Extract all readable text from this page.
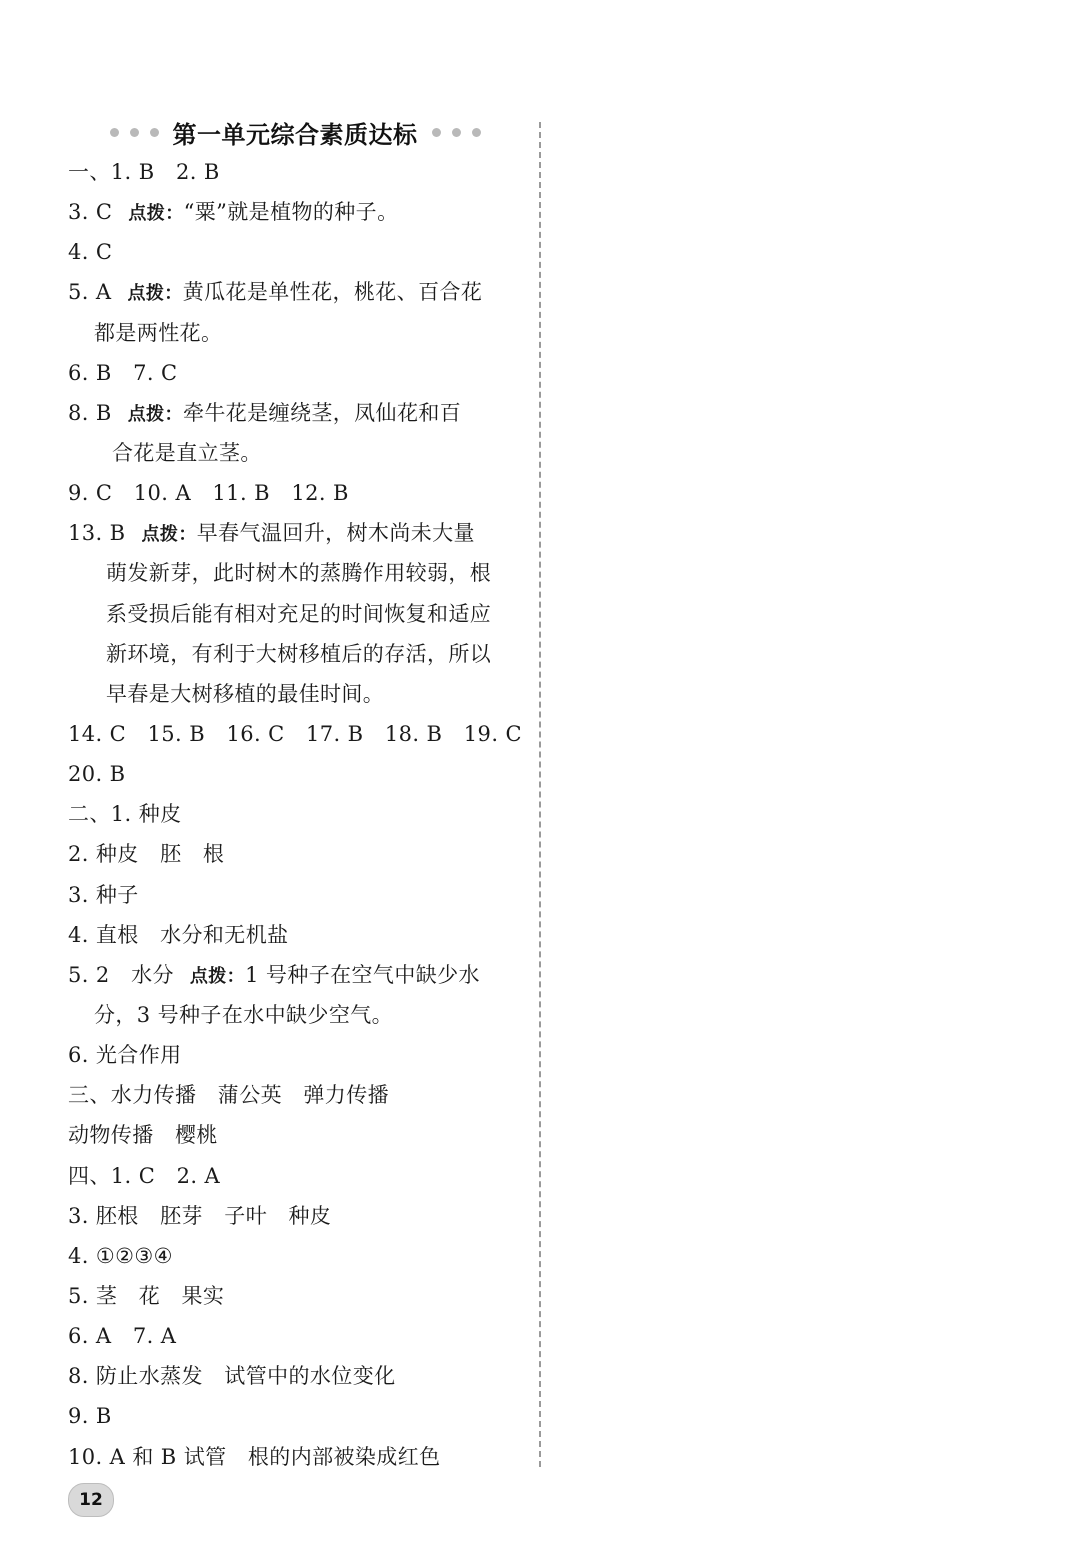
第一单元综合素质达标
一、1. B　2. B
3. C 点拨：“粟”就是植物的种子。
4. C
5. A 点拨：黄瓜花是单性花，桃花、百合花
都是两性花。
6. B　7. C
8. B 点拨：牵牛花是缠绕茎，凤仙花和百
合花是直立茎。
9. C　10. A　11. B　12. B
13. B 点拨：早春气温回升，树木尚未大量
萌发新芽，此时树木的蒸腾作用较弱，根
系受损后能有相对充足的时间恢复和适应
新环境，有利于大树移植后的存活，所以
早春是大树移植的最佳时间。
14. C　15. B　16. C　17. B　18. B　19. C
20. B
二、1. 种皮
2. 种皮　胚　根
3. 种子
4. 直根　水分和无机盐
5. 2　水分 点拨：1 号种子在空气中缺少水
分，3 号种子在水中缺少空气。
6. 光合作用
三、水力传播　蒲公英　弹力传播
动物传播　樱桃
四、1. C　2. A
3. 胚根　胚芽　子叶　种皮
4. ①②③④
5. 茎　花　果实
6. A　7. A
8. 防止水蒸发　试管中的水位变化
9. B
10. A 和 B 试管　根的内部被染成红色
12
